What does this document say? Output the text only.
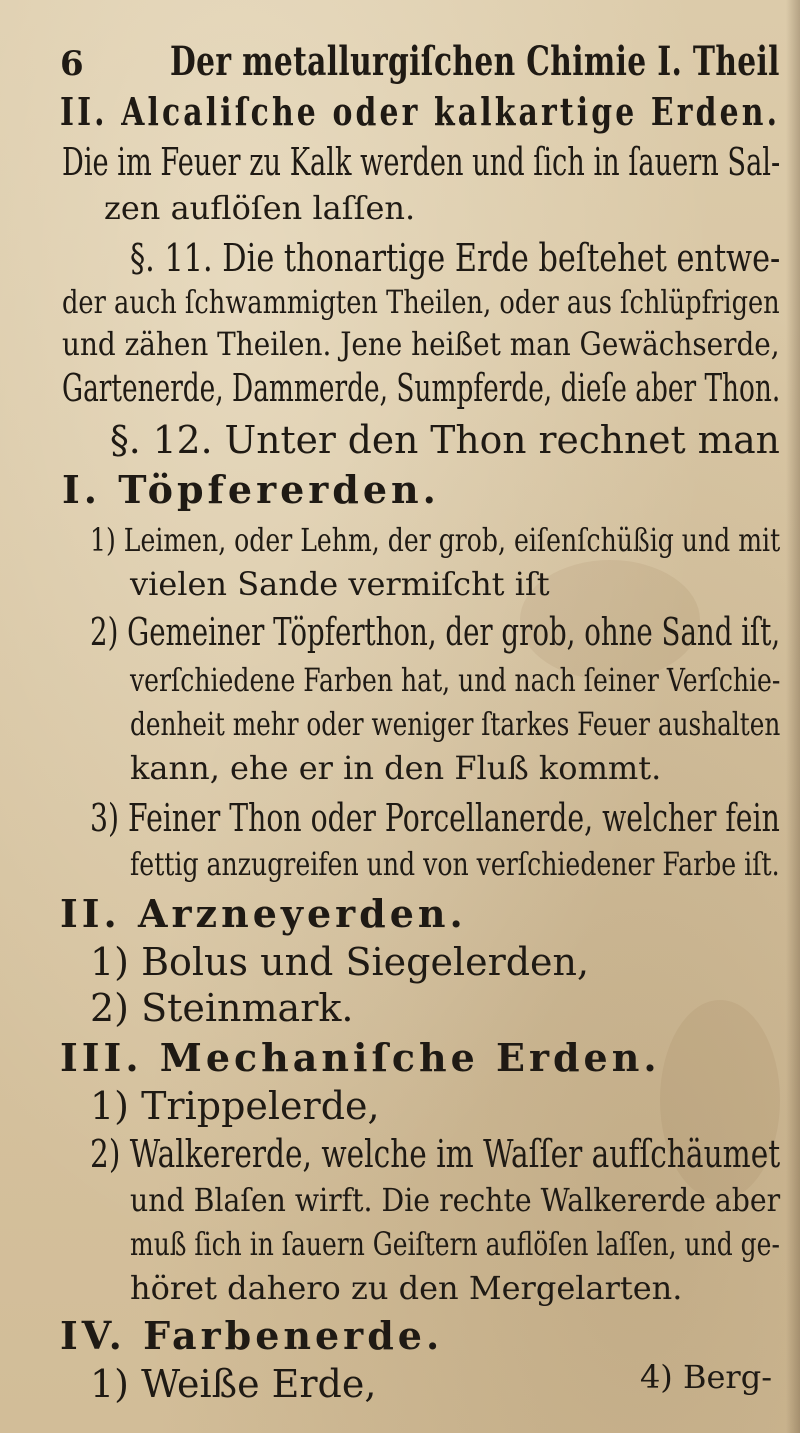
6 Der metallurgiſchen Chimie I. Theil
II. Alcaliſche oder kalkartige Erden.
Die im Feuer zu Kalk werden und ſich in ſauern Sal-
zen auflöſen laſſen.
§. 11. Die thonartige Erde beſtehet entwe-
der auch ſchwammigten Theilen, oder aus ſchlüpfrigen
und zähen Theilen. Jene heißet man Gewächserde,
Gartenerde, Dammerde, Sumpferde, dieſe aber Thon.
§. 12. Unter den Thon rechnet man
I. Töpfererden.
1) Leimen, oder Lehm, der grob, eiſenſchüßig und mit
vielen Sande vermiſcht iſt
2) Gemeiner Töpferthon, der grob, ohne Sand iſt,
verſchiedene Farben hat, und nach ſeiner Verſchie-
denheit mehr oder weniger ſtarkes Feuer aushalten
kann, ehe er in den Fluß kommt.
3) Feiner Thon oder Porcellanerde, welcher fein
fettig anzugreifen und von verſchiedener Farbe iſt.
II. Arzneyerden.
1) Bolus und Siegelerden,
2) Steinmark.
III. Mechaniſche Erden.
1) Trippelerde,
2) Walkererde, welche im Waſſer aufſchäumet
und Blaſen wirft. Die rechte Walkererde aber
muß ſich in ſauern Geiſtern auflöſen laſſen, und ge-
höret dahero zu den Mergelarten.
IV. Farbenerde.
1) Weiße Erde,	4) Berg-
